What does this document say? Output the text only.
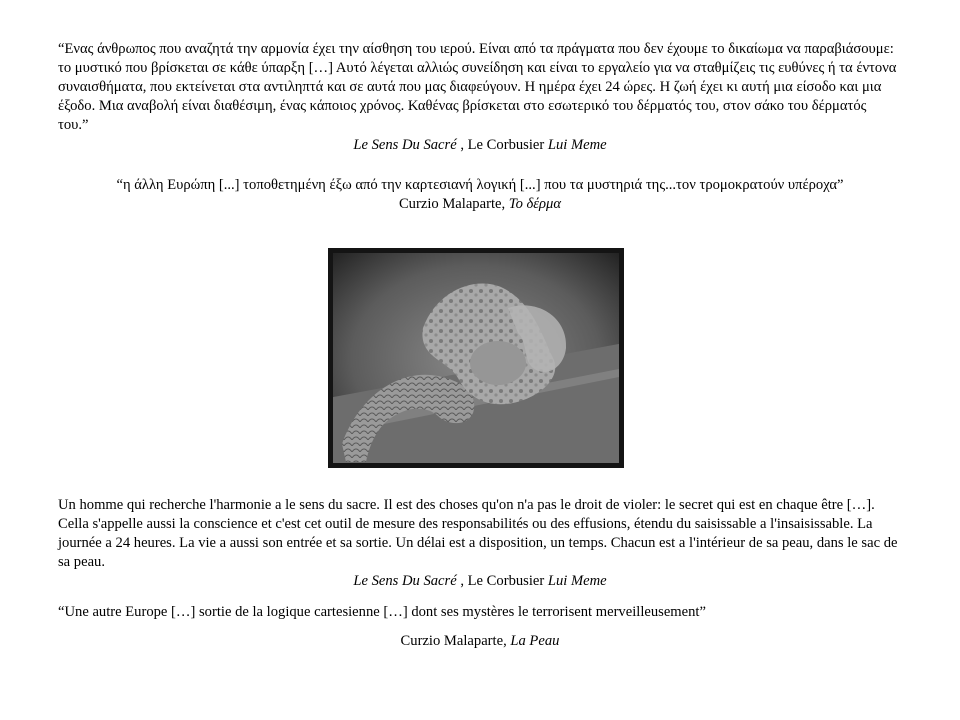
“Ενας άνθρωπος που αναζητά την αρμονία έχει την αίσθηση του ιερού. Είναι από τα πράγματα που δεν έχουμε το δικαίωμα να παραβιάσουμε: το μυστικό που βρίσκεται σε κάθε ύπαρξη […] Αυτό λέγεται αλλιώς συνείδηση και είναι το εργαλείο για να σταθμίζεις τις ευθύνες ή τα έντονα συναισθήματα, που εκτείνεται στα αντιληπτά και σε αυτά που μας διαφεύγουν. Η ημέρα έχει 24 ώρες. Η ζωή έχει κι αυτή μια είσοδο και μια έξοδο. Μια αναβολή είναι διαθέσιμη, ένας κάποιος χρόνος. Καθένας βρίσκεται στο εσωτερικό του δέρματός του, στον σάκο του δέρματός του.”

Le Sens Du Sacré , Le Corbusier Lui Meme

“η άλλη Ευρώπη [...] τοποθετημένη έξω από την καρτεσιανή λογική [...] που τα μυστηριά της...τον τρομοκρατούν υπέροχα”

Curzio Malaparte, Το δέρμα

Un homme qui recherche l'harmonie a le sens du sacre. Il est des choses qu'on n'a pas le droit de violer: le secret qui est en chaque être […]. Cella s'appelle aussi la conscience et c'est cet outil de mesure des responsabilités ou des effusions, étendu du saisissable a l'insaisissable. La journée a 24 heures. La vie a aussi son entrée et sa sortie. Un délai est a disposition, un temps. Chacun est a l'intérieur de sa peau, dans le sac de sa peau.

Le Sens Du Sacré , Le Corbusier Lui Meme

“Une autre Europe […] sortie de la logique cartesienne […] dont ses mystères le terrorisent merveilleusement”

Curzio Malaparte, La Peau
